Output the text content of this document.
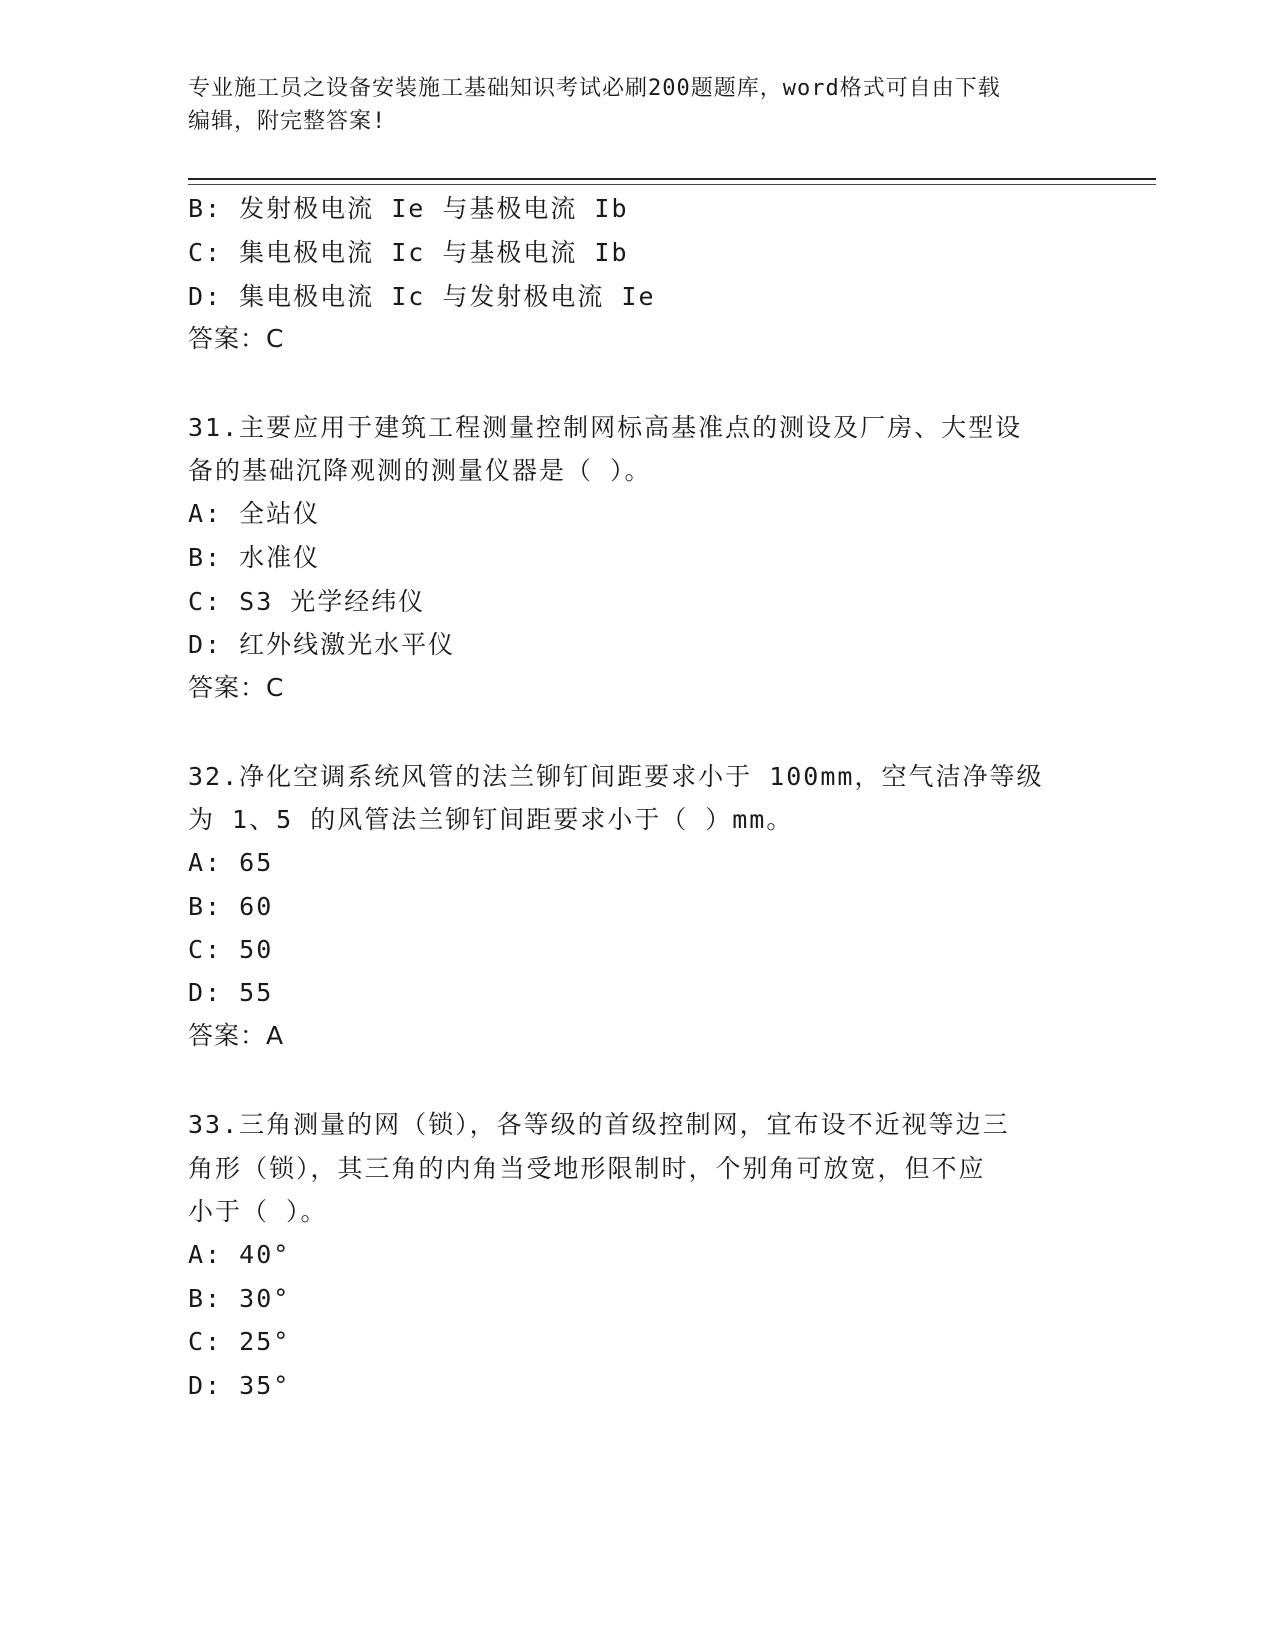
专业施工员之设备安装施工基础知识考试必刷200题题库，word格式可自由下载
编辑，附完整答案!
B: 发射极电流 Ie 与基极电流 Ib
C: 集电极电流 Ic 与基极电流 Ib
D: 集电极电流 Ic 与发射极电流 Ie
答案：C
31.主要应用于建筑工程测量控制网标高基准点的测设及厂房、大型设
备的基础沉降观测的测量仪器是（ ）。
A: 全站仪
B: 水准仪
C: S3 光学经纬仪
D: 红外线激光水平仪
答案：C
32.净化空调系统风管的法兰铆钉间距要求小于 100mm，空气洁净等级
为 1、5 的风管法兰铆钉间距要求小于（ ）mm。
A: 65
B: 60
C: 50
D: 55
答案：A
33.三角测量的网（锁），各等级的首级控制网，宜布设不近视等边三
角形（锁），其三角的内角当受地形限制时，个别角可放宽，但不应
小于（ ）。
A: 40°
B: 30°
C: 25°
D: 35°
